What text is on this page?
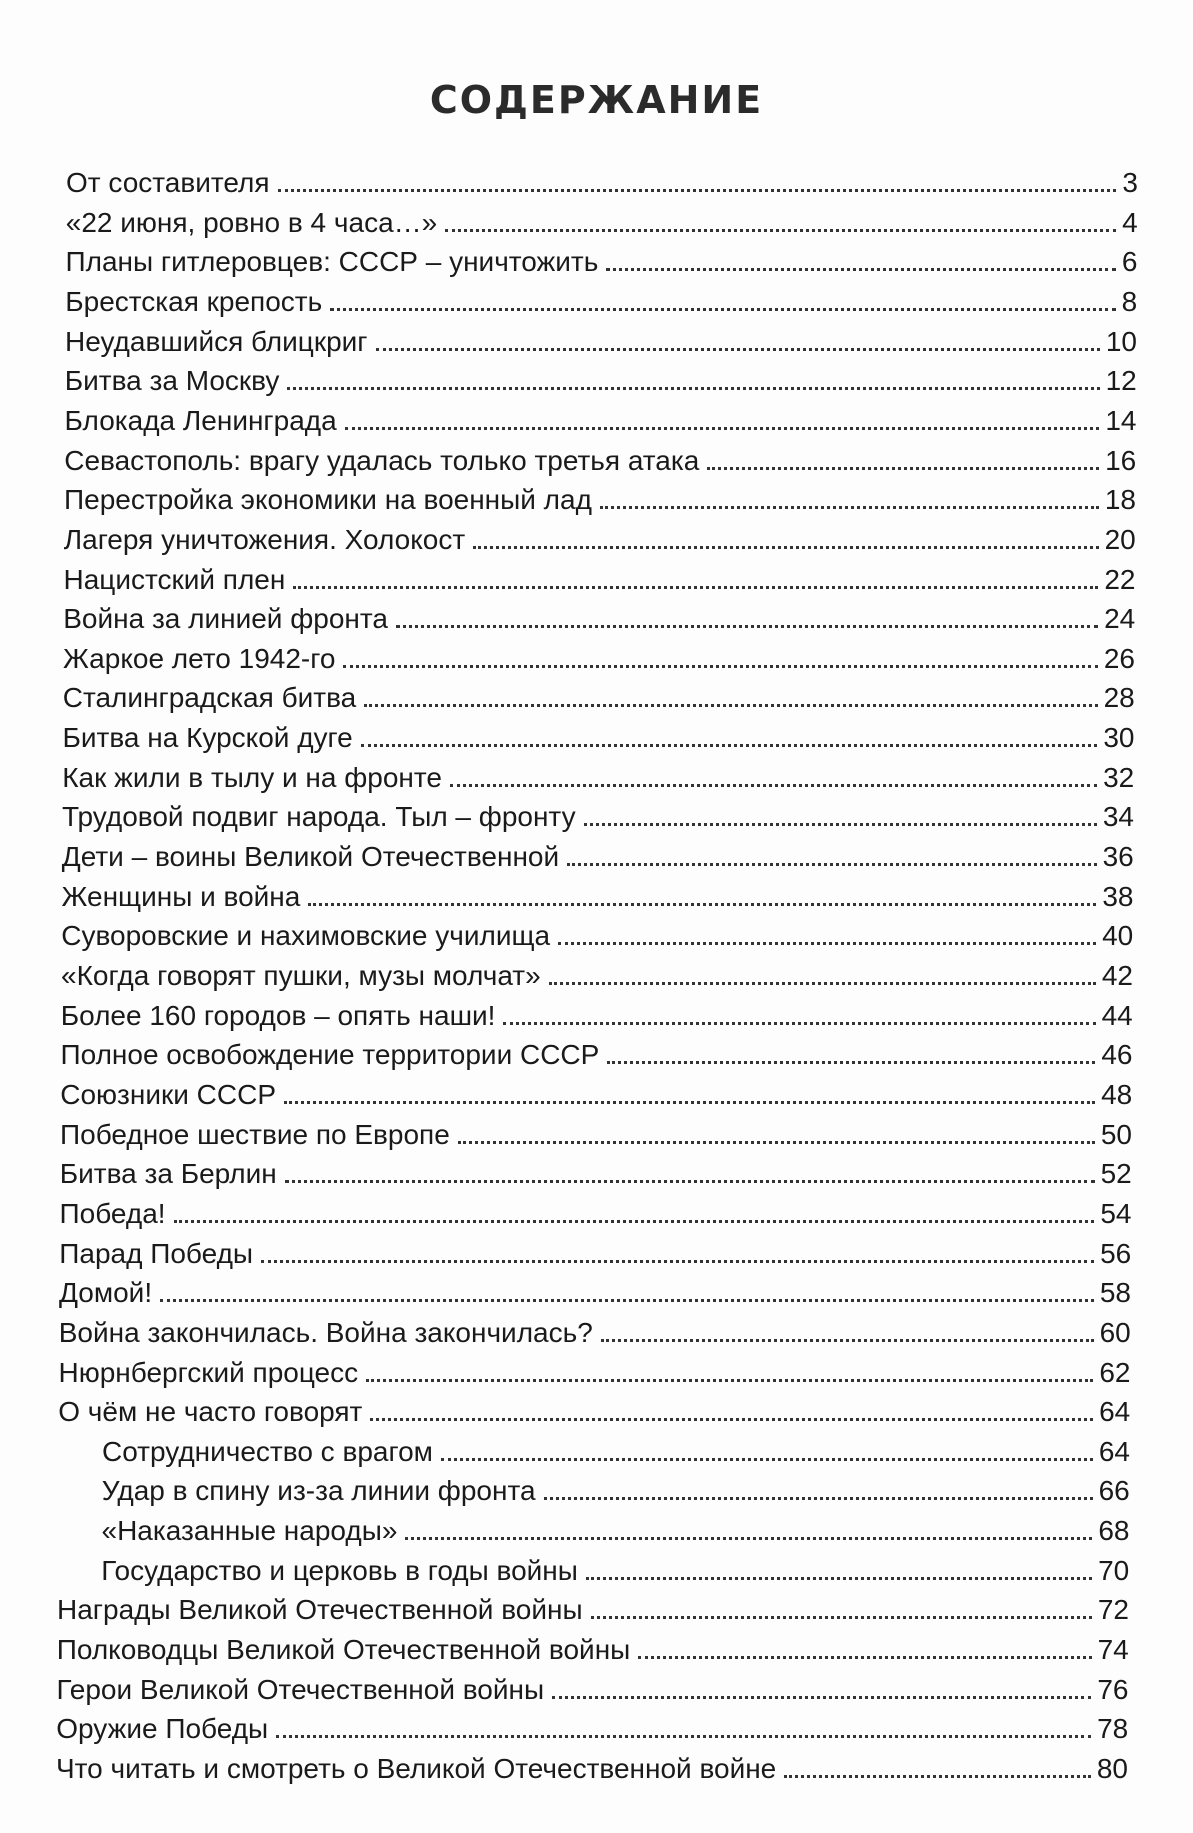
СОДЕРЖАНИЕ
От составителя	3
«22 июня, ровно в 4 часа…»	4
Планы гитлеровцев: СССР – уничтожить	6
Брестская крепость	8
Неудавшийся блицкриг	10
Битва за Москву	12
Блокада Ленинграда	14
Севастополь: врагу удалась только третья атака	16
Перестройка экономики на военный лад	18
Лагеря уничтожения. Холокост	20
Нацистский плен	22
Война за линией фронта	24
Жаркое лето 1942-го	26
Сталинградская битва	28
Битва на Курской дуге	30
Как жили в тылу и на фронте	32
Трудовой подвиг народа. Тыл – фронту	34
Дети – воины Великой Отечественной	36
Женщины и война	38
Суворовские и нахимовские училища	40
«Когда говорят пушки, музы молчат»	42
Более 160 городов – опять наши!	44
Полное освобождение территории СССР	46
Союзники СССР	48
Победное шествие по Европе	50
Битва за Берлин	52
Победа!	54
Парад Победы	56
Домой!	58
Война закончилась. Война закончилась?	60
Нюрнбергский процесс	62
О чём не часто говорят	64
Сотрудничество с врагом	64
Удар в спину из-за линии фронта	66
«Наказанные народы»	68
Государство и церковь в годы войны	70
Награды Великой Отечественной войны	72
Полководцы Великой Отечественной войны	74
Герои Великой Отечественной войны	76
Оружие Победы	78
Что читать и смотреть о Великой Отечественной войне	80
